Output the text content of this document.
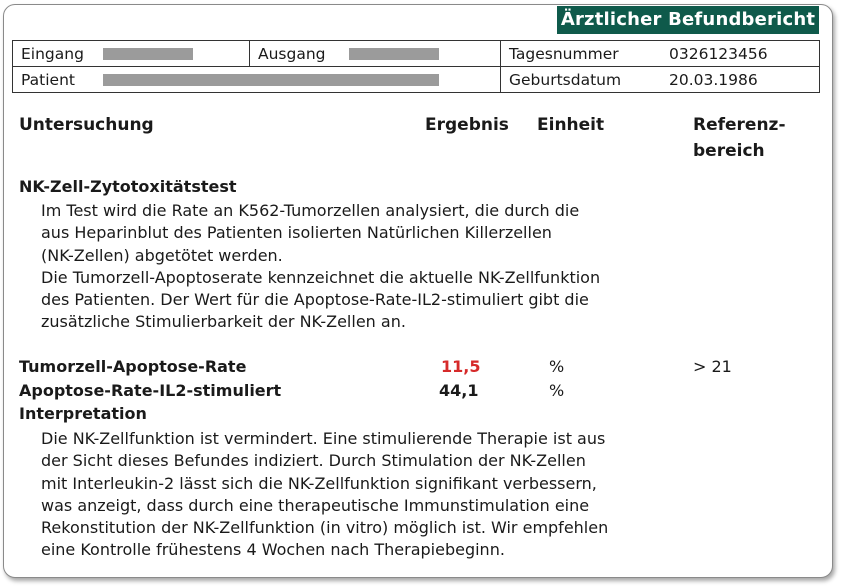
Ärztlicher Befundbericht
Eingang	Ausgang	Tagesnummer	0326123456
Patient	Geburtsdatum	20.03.1986
Untersuchung	Ergebnis Einheit	Referenz-
bereich
NK-Zell-Zytotoxitätstest
Im Test wird die Rate an K562-Tumorzellen analysiert, die durch die
aus Heparinblut des Patienten isolierten Natürlichen Killerzellen
(NK-Zellen) abgetötet werden.
Die Tumorzell-Apoptoserate kennzeichnet die aktuelle NK-Zellfunktion
des Patienten. Der Wert für die Apoptose-Rate-IL2-stimuliert gibt die
zusätzliche Stimulierbarkeit der NK-Zellen an.
Tumorzell-Apoptose-Rate	11,5	%	> 21
Apoptose-Rate-IL2-stimuliert	44,1	%
Interpretation
Die NK-Zellfunktion ist vermindert. Eine stimulierende Therapie ist aus
der Sicht dieses Befundes indiziert. Durch Stimulation der NK-Zellen
mit Interleukin-2 lässt sich die NK-Zellfunktion signifikant verbessern,
was anzeigt, dass durch eine therapeutische Immunstimulation eine
Rekonstitution der NK-Zellfunktion (in vitro) möglich ist. Wir empfehlen
eine Kontrolle frühestens 4 Wochen nach Therapiebeginn.
